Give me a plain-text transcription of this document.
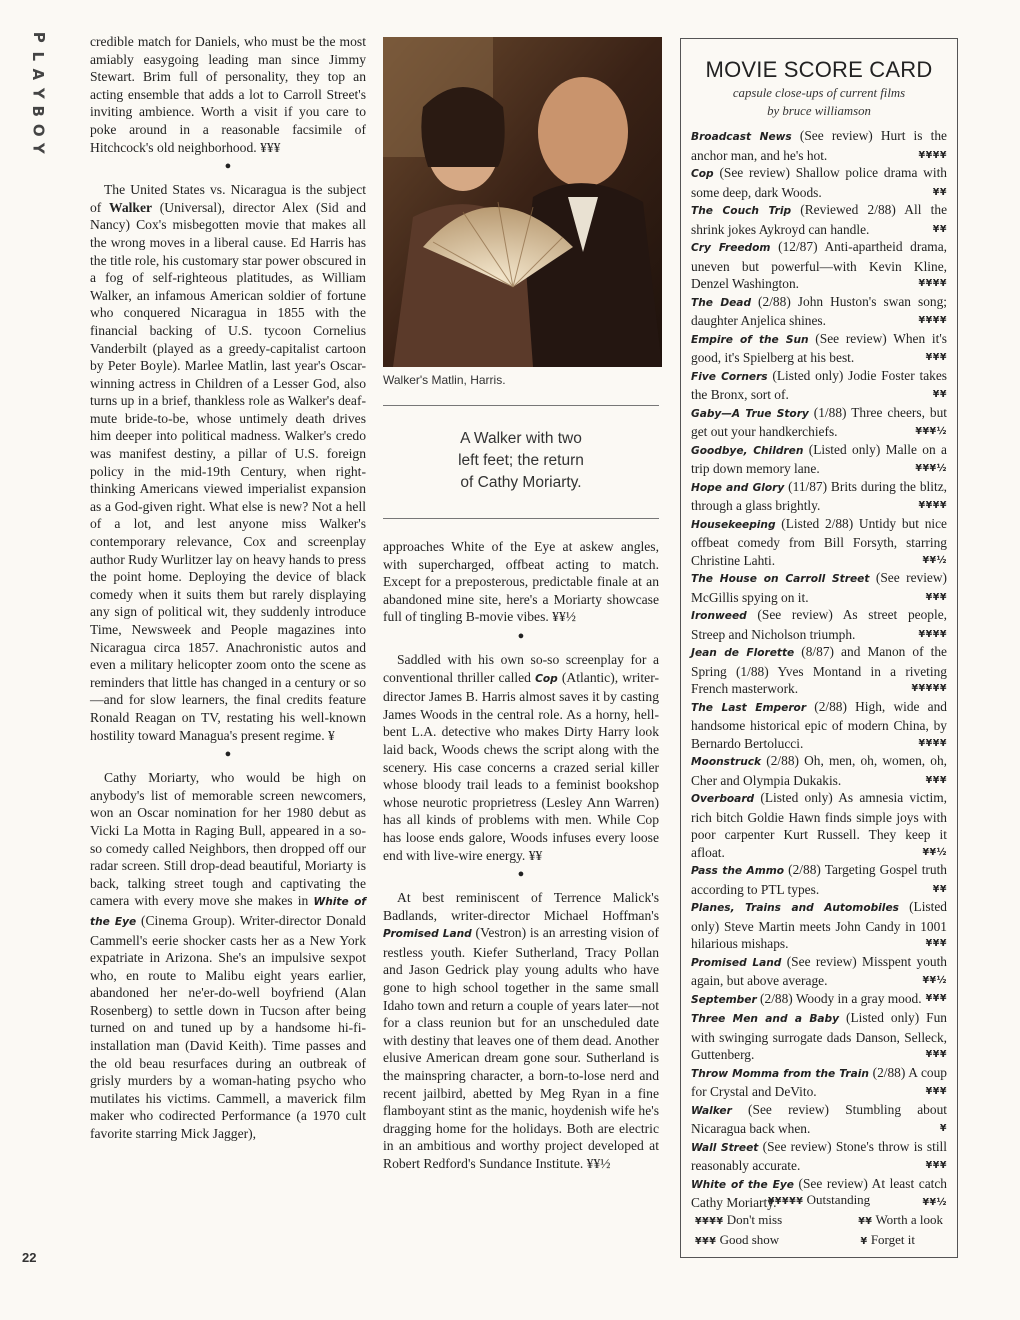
P
L
A
Y
B
O
Y
22

credible match for Daniels, who must be the most amiably easygoing leading man since Jimmy Stewart. Brim full of personality, they top an acting ensemble that adds a lot to Carroll Street's inviting ambience. Worth a visit if you care to poke around in a reasonable facsimile of Hitchcock's old neighborhood. ¥¥¥

●

The United States vs. Nicaragua is the subject of Walker (Universal), director Alex (Sid and Nancy) Cox's misbegotten movie that makes all the wrong moves in a liberal cause. Ed Harris has the title role, his customary star power obscured in a fog of self-righteous platitudes, as William Walker, an infamous American soldier of fortune who conquered Nicaragua in 1855 with the financial backing of U.S. tycoon Cornelius Vanderbilt (played as a greedy-capitalist cartoon by Peter Boyle). Marlee Matlin, last year's Oscar-winning actress in Children of a Lesser God, also turns up in a brief, thankless role as Walker's deaf-mute bride-to-be, whose untimely death drives him deeper into political madness. Walker's credo was manifest destiny, a pillar of U.S. foreign policy in the mid-19th Century, when right-thinking Americans viewed imperialist expansion as a God-given right. What else is new? Not a hell of a lot, and lest anyone miss Walker's contemporary relevance, Cox and screenplay author Rudy Wurlitzer lay on heavy hands to press the point home. Deploying the device of black comedy when it suits them but rarely displaying any sign of political wit, they suddenly introduce Time, Newsweek and People magazines into Nicaragua circa 1857. Anachronistic autos and even a military helicopter zoom onto the scene as reminders that little has changed in a century or so—and for slow learners, the final credits feature Ronald Reagan on TV, restating his well-known hostility toward Managua's present regime. ¥

●

Cathy Moriarty, who would be high on anybody's list of memorable screen newcomers, won an Oscar nomination for her 1980 debut as Vicki La Motta in Raging Bull, appeared in a so-so comedy called Neighbors, then dropped off our radar screen. Still drop-dead beautiful, Moriarty is back, talking street tough and captivating the camera with every move she makes in White of the Eye (Cinema Group). Writer-director Donald Cammell's eerie shocker casts her as a New York expatriate in Arizona. She's an impulsive sexpot who, en route to Malibu eight years earlier, abandoned her ne'er-do-well boyfriend (Alan Rosenberg) to settle down in Tucson after being turned on and tuned up by a handsome hi-fi-installation man (David Keith). Time passes and the old beau resurfaces during an outbreak of grisly murders by a woman-hating psycho who mutilates his victims. Cammell, a maverick film maker who codirected Performance (a 1970 cult favorite starring Mick Jagger),

Walker's Matlin, Harris.
A Walker with two
left feet; the return
of Cathy Moriarty.

approaches White of the Eye at askew angles, with supercharged, offbeat acting to match. Except for a preposterous, predictable finale at an abandoned mine site, here's a Moriarty showcase full of tingling B-movie vibes. ¥¥½

●

Saddled with his own so-so screenplay for a conventional thriller called Cop (Atlantic), writer-director James B. Harris almost saves it by casting James Woods in the central role. As a horny, hell-bent L.A. detective who makes Dirty Harry look laid back, Woods chews the script along with the scenery. His case concerns a crazed serial killer whose bloody trail leads to a feminist bookshop whose neurotic proprietress (Lesley Ann Warren) has all kinds of problems with men. While Cop has loose ends galore, Woods infuses every loose end with live-wire energy. ¥¥

●

At best reminiscent of Terrence Malick's Badlands, writer-director Michael Hoffman's Promised Land (Vestron) is an arresting vision of restless youth. Kiefer Sutherland, Tracy Pollan and Jason Gedrick play young adults who have gone to high school together in the same small Idaho town and return a couple of years later—not for a class reunion but for an unscheduled date with destiny that leaves one of them dead. Another elusive American dream gone sour. Sutherland is the mainspring character, a born-to-lose nerd and recent jailbird, abetted by Meg Ryan in a fine flamboyant stint as the manic, hoydenish wife he's dragging home for the holidays. Both are electric in an ambitious and worthy project developed at Robert Redford's Sundance Institute. ¥¥½

MOVIE SCORE CARD
capsule close-ups of current films
by bruce williamson

Broadcast News (See review) Hurt is the anchor man, and he's hot.	¥¥¥¥

Cop (See review) Shallow police drama with some deep, dark Woods.	¥¥

The Couch Trip (Reviewed 2/88) All the shrink jokes Aykroyd can handle.	¥¥

Cry Freedom (12/87) Anti-apartheid drama, uneven but powerful—with Kevin Kline, Denzel Washington.	¥¥¥¥

The Dead (2/88) John Huston's swan song; daughter Anjelica shines.	¥¥¥¥

Empire of the Sun (See review) When it's good, it's Spielberg at his best.	¥¥¥

Five Corners (Listed only) Jodie Foster takes the Bronx, sort of.	¥¥

Gaby—A True Story (1/88) Three cheers, but get out your handkerchiefs.	¥¥¥½

Goodbye, Children (Listed only) Malle on a trip down memory lane.	¥¥¥½

Hope and Glory (11/87) Brits during the blitz, through a glass brightly.	¥¥¥¥

Housekeeping (Listed 2/88) Untidy but nice offbeat comedy from Bill Forsyth, starring Christine Lahti.	¥¥½

The House on Carroll Street (See review) McGillis spying on it.	¥¥¥

Ironweed (See review) As street people, Streep and Nicholson triumph.	¥¥¥¥

Jean de Florette (8/87) and Manon of the Spring (1/88) Yves Montand in a riveting French masterwork.	¥¥¥¥¥

The Last Emperor (2/88) High, wide and handsome historical epic of modern China, by Bernardo Bertolucci.	¥¥¥¥

Moonstruck (2/88) Oh, men, oh, women, oh, Cher and Olympia Dukakis.	¥¥¥

Overboard (Listed only) As amnesia victim, rich bitch Goldie Hawn finds simple joys with poor carpenter Kurt Russell. They keep it afloat.	¥¥½

Pass the Ammo (2/88) Targeting Gospel truth according to PTL types.	¥¥

Planes, Trains and Automobiles (Listed only) Steve Martin meets John Candy in 1001 hilarious mishaps.	¥¥¥

Promised Land (See review) Misspent youth again, but above average.	¥¥½

September (2/88) Woody in a gray mood. ¥¥¥

Three Men and a Baby (Listed only) Fun with swinging surrogate dads Danson, Selleck, Guttenberg.	¥¥¥

Throw Momma from the Train (2/88) A coup for Crystal and DeVito.	¥¥¥

Walker (See review) Stumbling about Nicaragua back when.	¥

Wall Street (See review) Stone's throw is still reasonably accurate.	¥¥¥

White of the Eye (See review) At least catch Cathy Moriarty.	¥¥½

¥¥¥¥¥ Outstanding
¥¥¥¥ Don't miss	¥¥ Worth a look
¥¥¥ Good show	¥ Forget it
